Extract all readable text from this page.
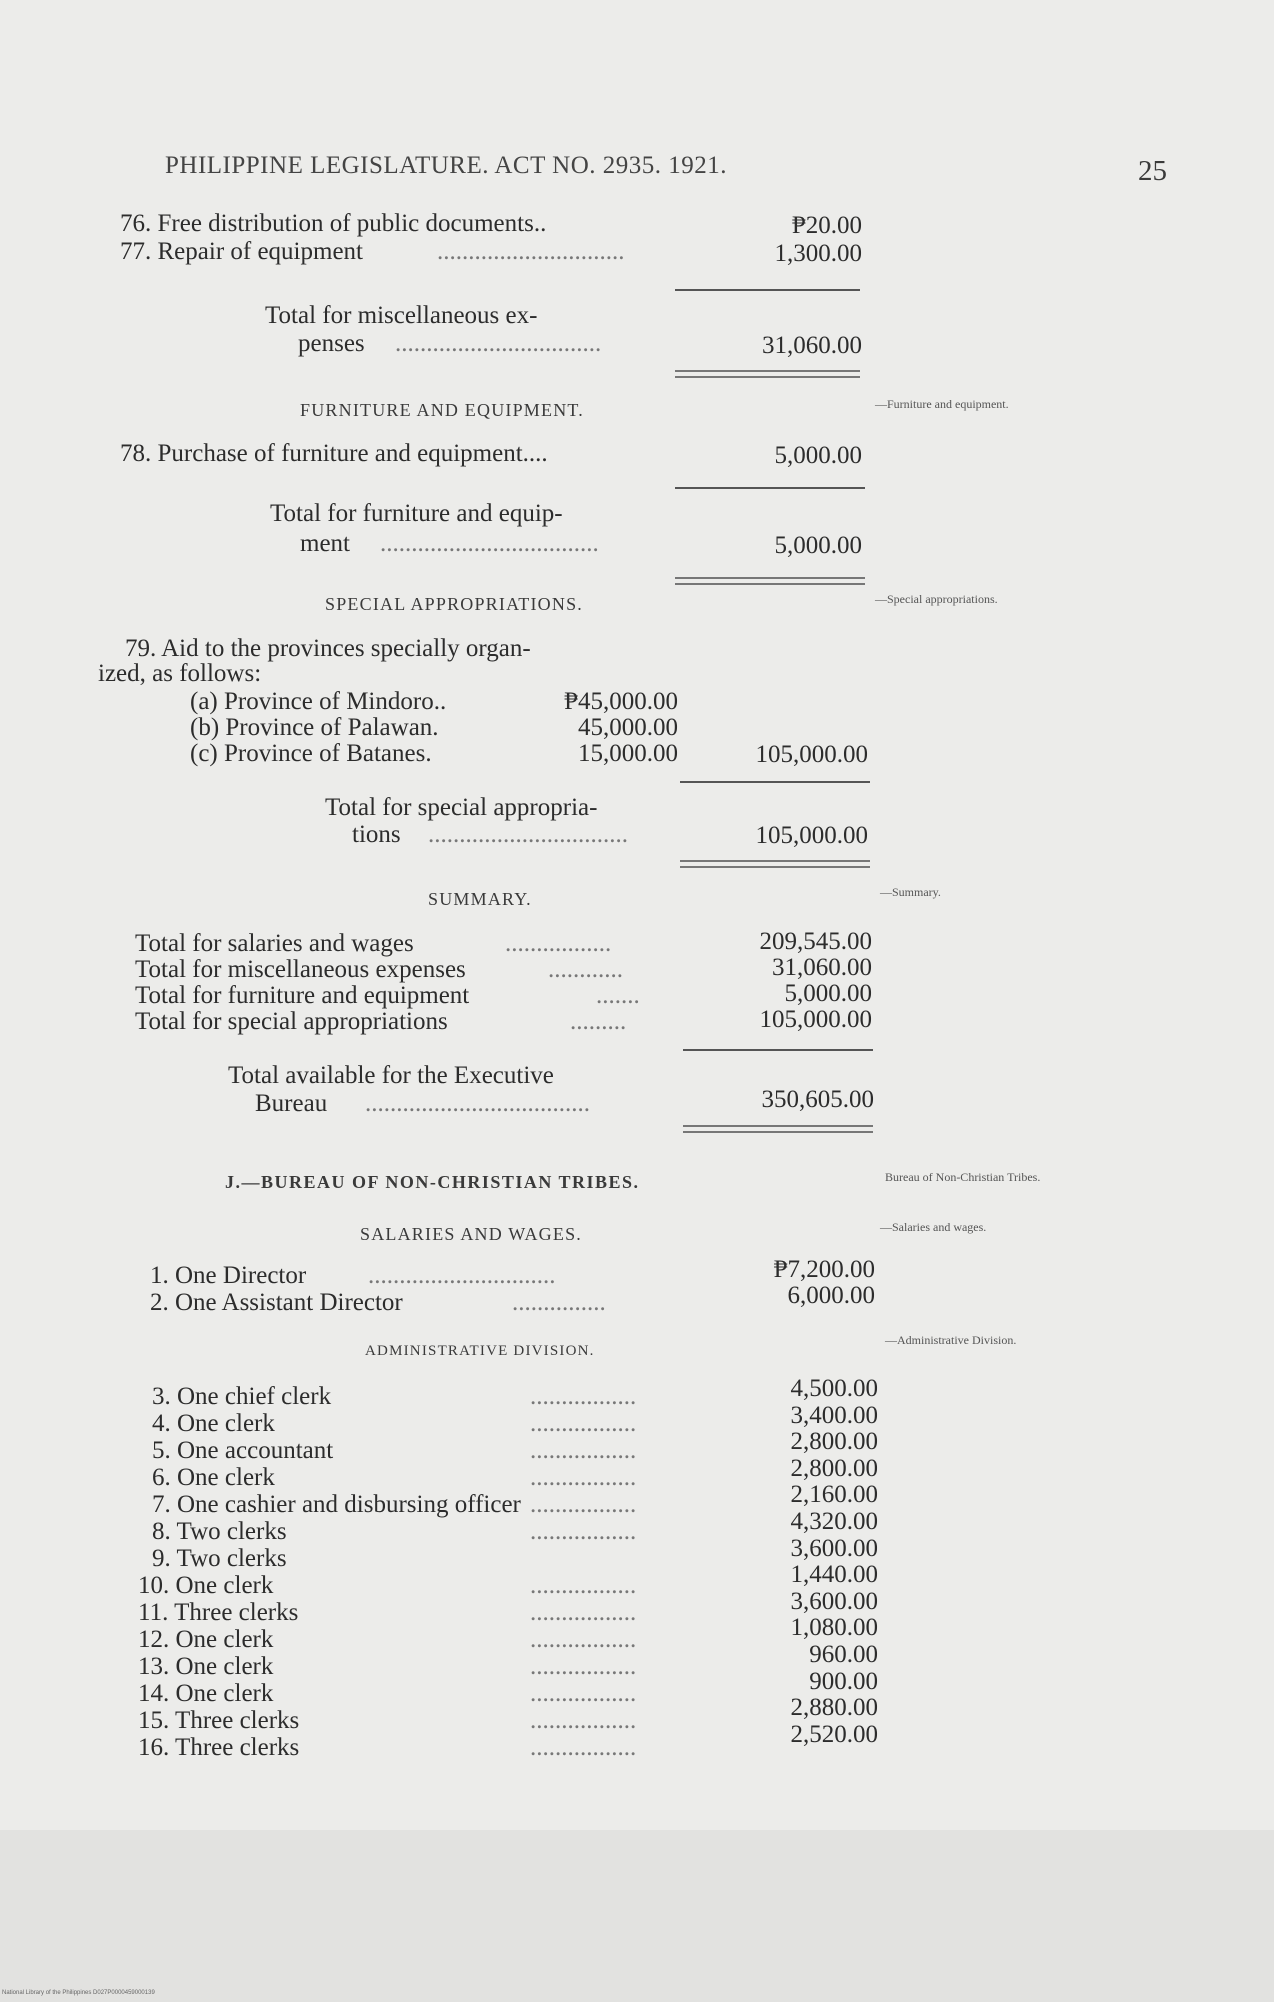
PHILIPPINE LEGISLATURE. ACT NO. 2935. 1921.	25
76. Free distribution of public documents..	₱20.00
77. Repair of equipment	..............................	1,300.00
Total for miscellaneous ex-
penses .................................	31,060.00
FURNITURE AND EQUIPMENT.	—Furniture and equipment.
78. Purchase of furniture and equipment....	5,000.00
Total for furniture and equip-
ment ...................................	5,000.00
SPECIAL APPROPRIATIONS.	—Special appropriations.
79. Aid to the provinces specially organ-
ized, as follows:
(a) Province of Mindoro..	₱45,000.00
(b) Province of Palawan.	45,000.00
(c) Province of Batanes.	15,000.00	105,000.00
Total for special appropria-
tions ................................	105,000.00
SUMMARY.	—Summary.
Total for salaries and wages	.................	209,545.00
Total for miscellaneous expenses	............	31,060.00
Total for furniture and equipment	.......	5,000.00
Total for special appropriations	.........	105,000.00
Total available for the Executive
Bureau ....................................	350,605.00
J.—BUREAU OF NON-CHRISTIAN TRIBES.	Bureau of Non-Christian Tribes.
SALARIES AND WAGES.	—Salaries and wages.
1. One Director ..............................	₱7,200.00
2. One Assistant Director	...............	6,000.00
ADMINISTRATIVE DIVISION.
—Administrative Division.
3. One chief clerk	.................	4,500.00
4. One clerk	.................	3,400.00
5. One accountant	.................	2,800.00
6. One clerk	.................	2,800.00
7. One cashier and disbursing officer .................	2,160.00
8. Two clerks	.................	4,320.00
9. Two clerks	3,600.00
10. One clerk	.................	1,440.00
11. Three clerks	.................	3,600.00
12. One clerk	.................	1,080.00
13. One clerk	.................	960.00
14. One clerk	.................	900.00
15. Three clerks	.................	2,880.00
16. Three clerks	.................	2,520.00
National Library of the Philippines D027P0000459000139
